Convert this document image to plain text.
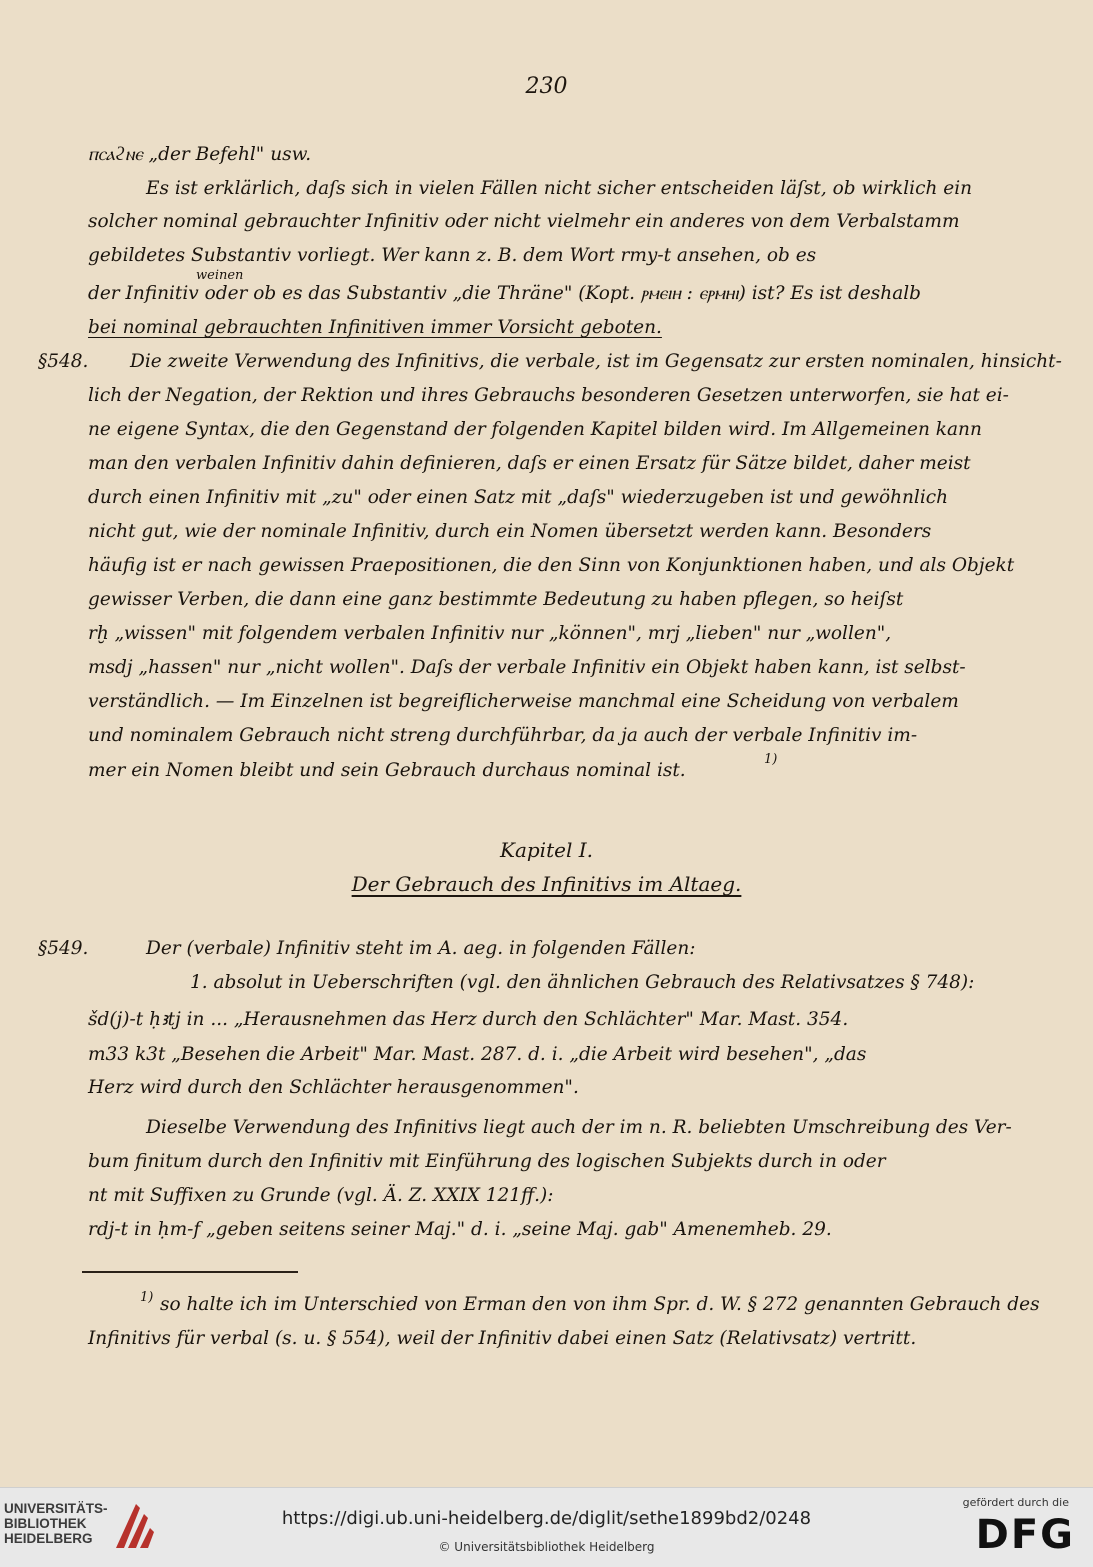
230
ⲡⲥⲁϩⲛⲉ „der Befehl" usw.
Es ist erklärlich, daſs sich in vielen Fällen nicht sicher entscheiden läſst, ob wirklich ein
solcher nominal gebrauchter Infinitiv oder nicht vielmehr ein anderes von dem Verbalstamm
gebildetes Substantiv vorliegt. Wer kann z. B. dem Wort rmy-t ansehen, ob es
weinen
der Infinitiv oder ob es das Substantiv „die Thräne" (Kopt. ⲣⲙⲉⲓⲏ : ⲉⲣⲙⲏⲓ) ist? Es ist deshalb
bei nominal gebrauchten Infinitiven immer Vorsicht geboten.
§548. Die zweite Verwendung des Infinitivs, die verbale, ist im Gegensatz zur ersten nominalen, hinsicht-
lich der Negation, der Rektion und ihres Gebrauchs besonderen Gesetzen unterworfen, sie hat ei-
ne eigene Syntax, die den Gegenstand der folgenden Kapitel bilden wird. Im Allgemeinen kann
man den verbalen Infinitiv dahin definieren, daſs er einen Ersatz für Sätze bildet, daher meist
durch einen Infinitiv mit „zu" oder einen Satz mit „daſs" wiederzugeben ist und gewöhnlich
nicht gut, wie der nominale Infinitiv, durch ein Nomen übersetzt werden kann. Besonders
häufig ist er nach gewissen Praepositionen, die den Sinn von Konjunktionen haben, und als Objekt
gewisser Verben, die dann eine ganz bestimmte Bedeutung zu haben pflegen, so heiſst
rḫ „wissen" mit folgendem verbalen Infinitiv nur „können", mrj „lieben" nur „wollen",
msdj „hassen" nur „nicht wollen". Daſs der verbale Infinitiv ein Objekt haben kann, ist selbst-
verständlich. — Im Einzelnen ist begreiflicherweise manchmal eine Scheidung von verbalem
und nominalem Gebrauch nicht streng durchführbar, da ja auch der verbale Infinitiv im-
mer ein Nomen bleibt und sein Gebrauch durchaus nominal ist.
1)
Kapitel I.
Der Gebrauch des Infinitivs im Altaeg.
§549.	Der (verbale) Infinitiv steht im A. aeg. in folgenden Fällen:
1. absolut in Ueberschriften (vgl. den ähnlichen Gebrauch des Relativsatzes § 748):
šd(j)-t ḥꜣtj in ... „Herausnehmen das Herz durch den Schlächter" Mar. Mast. 354.
m33 k3t „Besehen die Arbeit" Mar. Mast. 287. d. i. „die Arbeit wird besehen", „das
Herz wird durch den Schlächter herausgenommen".
Dieselbe Verwendung des Infinitivs liegt auch der im n. R. beliebten Umschreibung des Ver-
bum finitum durch den Infinitiv mit Einführung des logischen Subjekts durch in oder
nt mit Suffixen zu Grunde (vgl. Ä. Z. XXIX 121ff.):
rdj-t in ḥm-f „geben seitens seiner Maj." d. i. „seine Maj. gab" Amenemheb. 29.
1) so halte ich im Unterschied von Erman den von ihm Spr. d. W. § 272 genannten Gebrauch des
Infinitivs für verbal (s. u. § 554), weil der Infinitiv dabei einen Satz (Relativsatz) vertritt.
UNIVERSITÄTS-
BIBLIOTHEK
HEIDELBERG
https://digi.ub.uni-heidelberg.de/diglit/sethe1899bd2/0248
© Universitätsbibliothek Heidelberg
gefördert durch die
DFG
